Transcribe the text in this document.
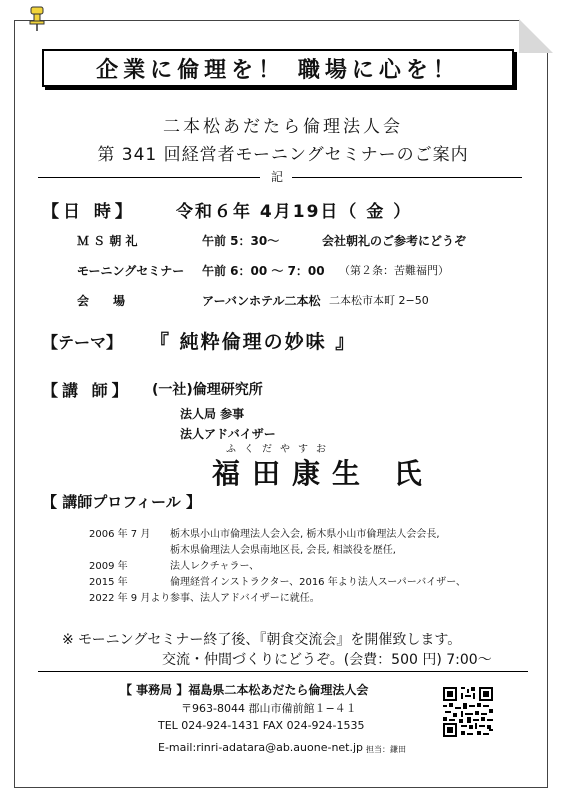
企業に倫理を！ 職場に心を！
二本松あだたら倫理法人会
第 341 回経営者モーニングセミナーのご案内
記
【日 時】 令和６年 4月19日（ 金 ）
Ｍ Ｓ 朝 礼	午前 5：30～	会社朝礼のご参考にどうぞ
モーニングセミナー 午前 6：00 ～ 7：00 （第２条：苦難福門）
会　　場	アーバンホテル二本松 二本松市本町 2−50
【テーマ】 『 純粋倫理の妙味 』
【講 師】 (一社)倫理研究所
法人局 参事
法人アドバイザー
ふくだやすお
福田康生 氏
【 講師プロフィール 】
2006 年 7 月 栃木県小山市倫理法人会入会, 栃木県小山市倫理法人会会長,
栃木県倫理法人会県南地区長, 会長, 相談役を歴任,
2009 年	法人レクチャラー、
2015 年	倫理経営インストラクター、2016 年より法人スーパーバイザー、
2022 年 9 月より 参事、法人アドバイザーに就任。
※ モーニングセミナー終了後、『朝食交流会』を開催致します。
交流・仲間づくりにどうぞ。(会費：500 円) 7:00～
【 事務局 】福島県二本松あだたら倫理法人会
〒963-8044 郡山市備前館１−４１
TEL 024-924-1431 FAX 024-924-1535
E-mail:rinri-adatara@ab.auone-net.jp 担当：鎌田
